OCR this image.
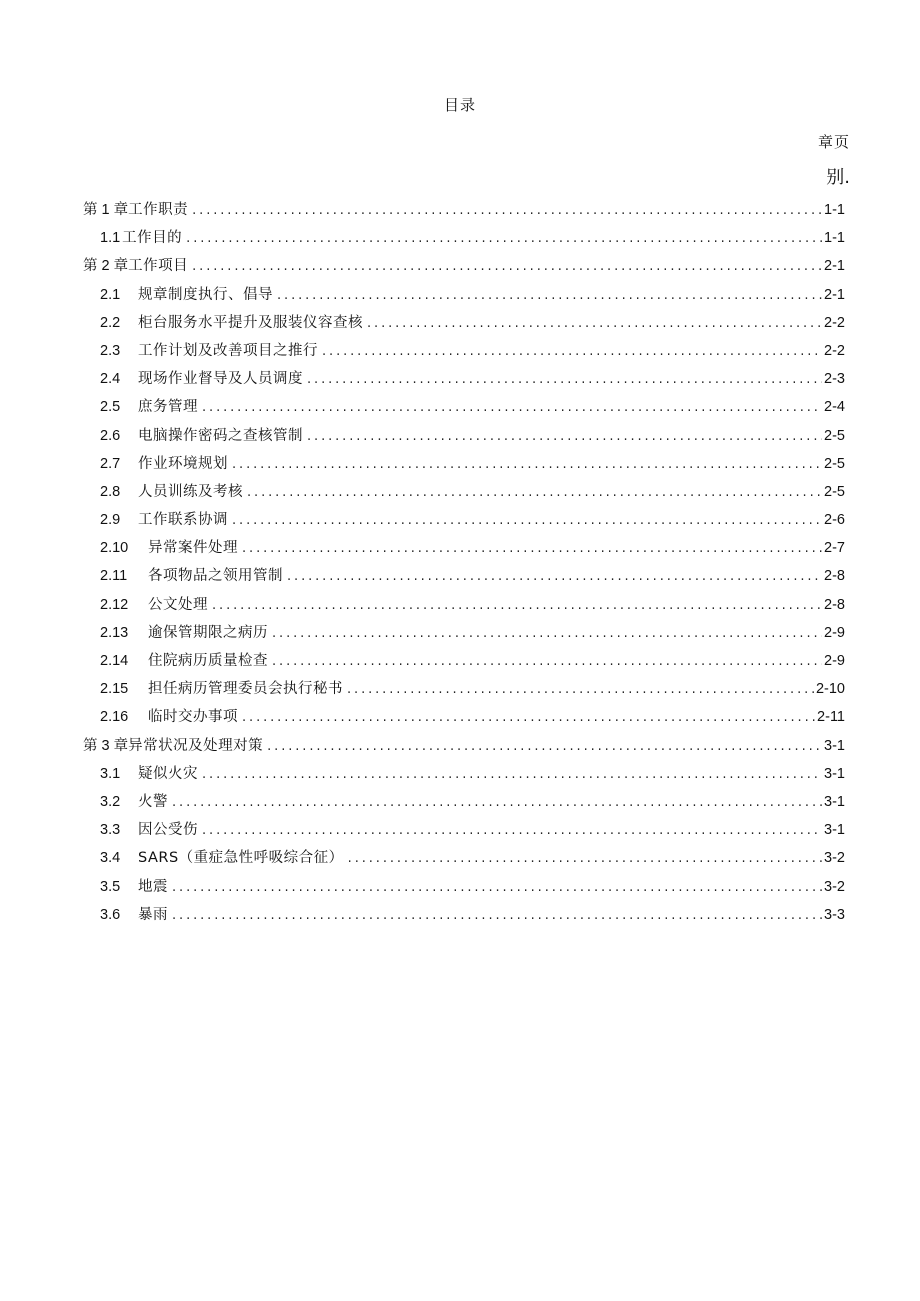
目录
章页
别.
第 1 章 工作职责 .....	1-1
1.1 工作目的 .....	1-1
第 2 章 工作项目 .....	2-1
2.1	规章制度执行、倡导 .....	2-1
2.2	柜台服务水平提升及服装仪容查核 .....	2-2
2.3	工作计划及改善项目之推行 .....	2-2
2.4	现场作业督导及人员调度 .....	2-3
2.5	庶务管理 .....	2-4
2.6	电脑操作密码之查核管制 .....	2-5
2.7	作业环境规划 .....	2-5
2.8	人员训练及考核 .....	2-5
2.9	工作联系协调 .....	2-6
2.10	异常案件处理 .....	2-7
2.11	各项物品之领用管制 .....	2-8
2.12	公文处理 .....	2-8
2.13	逾保管期限之病历 .....	2-9
2.14	住院病历质量检查 .....	2-9
2.15	担任病历管理委员会执行秘书 .....	2-10
2.16	临时交办事项 .....	2-11
第 3 章 异常状况及处理对策 .....	3-1
3.1	疑似火灾 .....	3-1
3.2	火警 .....	3-1
3.3	因公受伤 .....	3-1
3.4	SARS（重症急性呼吸综合征） .....	3-2
3.5	地震 .....	3-2
3.6	暴雨 .....	3-3
